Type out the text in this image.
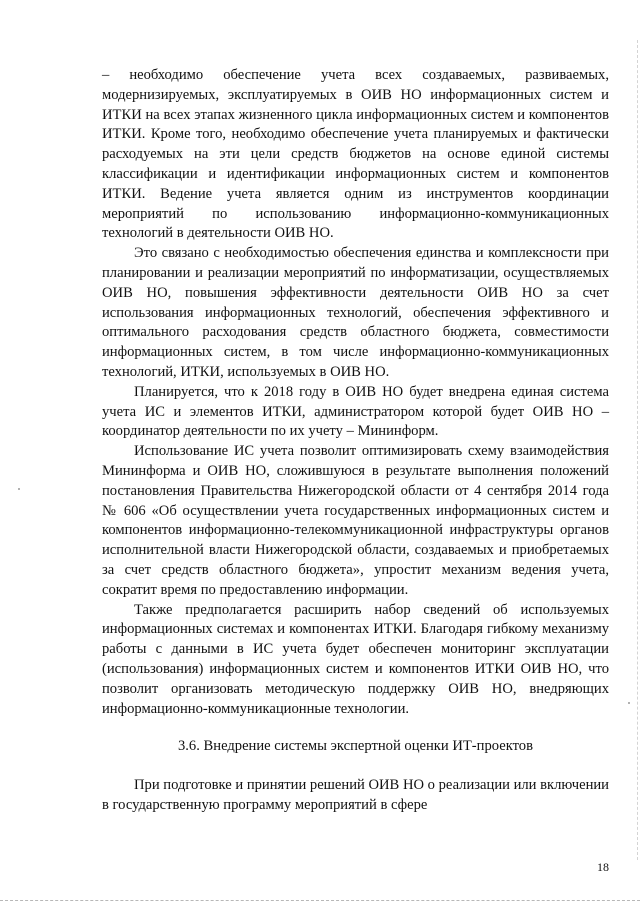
– необходимо обеспечение учета всех создаваемых, развиваемых, модернизируемых, эксплуатируемых в ОИВ НО информационных систем и ИТКИ на всех этапах жизненного цикла информационных систем и компонентов ИТКИ. Кроме того, необходимо обеспечение учета планируемых и фактически расходуемых на эти цели средств бюджетов на основе единой системы классификации и идентификации информационных систем и компонентов ИТКИ. Ведение учета является одним из инструментов координации мероприятий по использованию информационно-коммуникационных технологий в деятельности ОИВ НО.

Это связано с необходимостью обеспечения единства и комплексности при планировании и реализации мероприятий по информатизации, осуществляемых ОИВ НО, повышения эффективности деятельности ОИВ НО за счет использования информационных технологий, обеспечения эффективного и оптимального расходования средств областного бюджета, совместимости информационных систем, в том числе информационно-коммуникационных технологий, ИТКИ, используемых в ОИВ НО.

Планируется, что к 2018 году в ОИВ НО будет внедрена единая система учета ИС и элементов ИТКИ, администратором которой будет ОИВ НО – координатор деятельности по их учету – Мининформ.

Использование ИС учета позволит оптимизировать схему взаимодействия Мининформа и ОИВ НО, сложившуюся в результате выполнения положений постановления Правительства Нижегородской области от 4 сентября 2014 года № 606 «Об осуществлении учета государственных информационных систем и компонентов информационно-телекоммуникационной инфраструктуры органов исполнительной власти Нижегородской области, создаваемых и приобретаемых за счет средств областного бюджета», упростит механизм ведения учета, сократит время по предоставлению информации.

Также предполагается расширить набор сведений об используемых информационных системах и компонентах ИТКИ. Благодаря гибкому механизму работы с данными в ИС учета будет обеспечен мониторинг эксплуатации (использования) информационных систем и компонентов ИТКИ ОИВ НО, что позволит организовать методическую поддержку ОИВ НО, внедряющих информационно-коммуникационные технологии.

3.6. Внедрение системы экспертной оценки ИТ-проектов

При подготовке и принятии решений ОИВ НО о реализации или включении в государственную программу мероприятий в сфере

18
